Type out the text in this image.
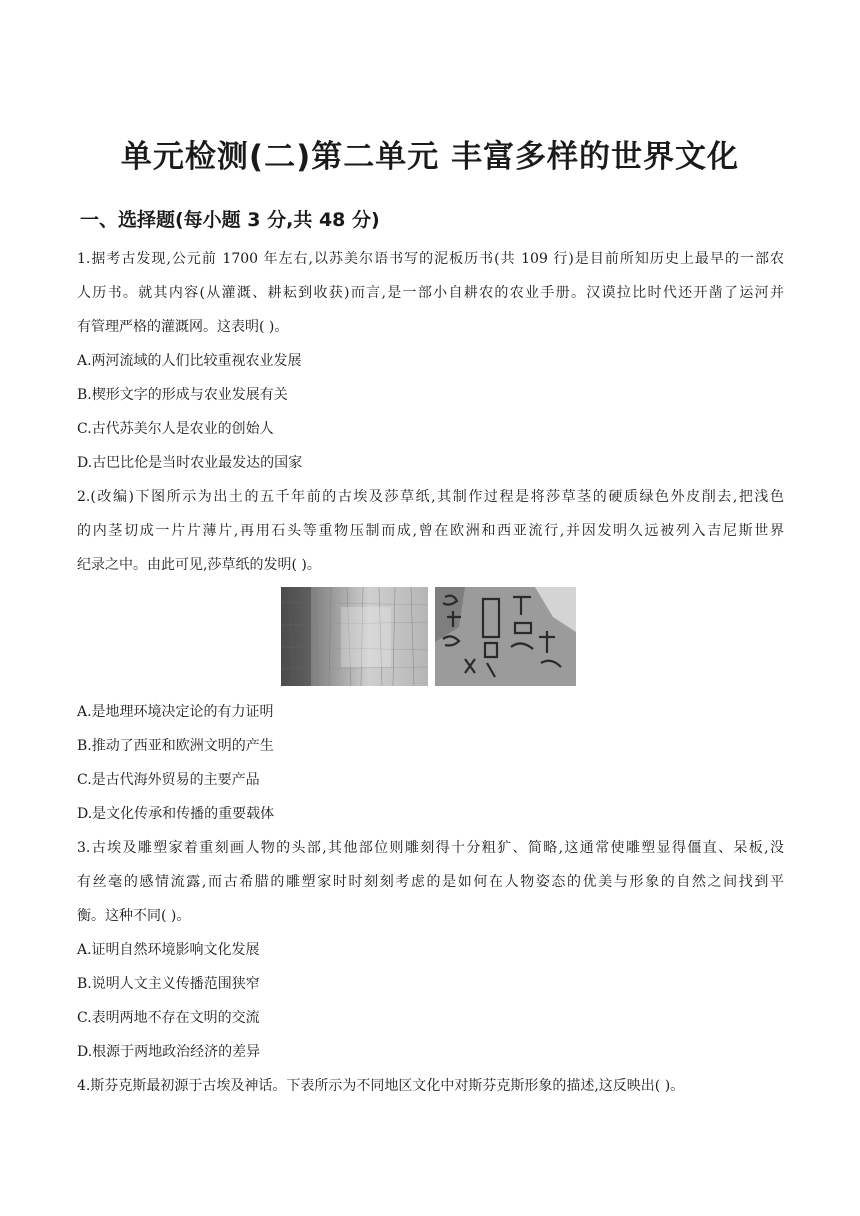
单元检测(二)第二单元 丰富多样的世界文化
一、选择题(每小题 3 分,共 48 分)
1.据考古发现,公元前 1700 年左右,以苏美尔语书写的泥板历书(共 109 行)是目前所知历史上最早的一部农
人历书。就其内容(从灌溉、耕耘到收获)而言,是一部小自耕农的农业手册。汉谟拉比时代还开凿了运河并
有管理严格的灌溉网。这表明( )。
A.两河流域的人们比较重视农业发展
B.楔形文字的形成与农业发展有关
C.古代苏美尔人是农业的创始人
D.古巴比伦是当时农业最发达的国家
2.(改编)下图所示为出土的五千年前的古埃及莎草纸,其制作过程是将莎草茎的硬质绿色外皮削去,把浅色
的内茎切成一片片薄片,再用石头等重物压制而成,曾在欧洲和西亚流行,并因发明久远被列入吉尼斯世界
纪录之中。由此可见,莎草纸的发明( )。
A.是地理环境决定论的有力证明
B.推动了西亚和欧洲文明的产生
C.是古代海外贸易的主要产品
D.是文化传承和传播的重要载体
3.古埃及雕塑家着重刻画人物的头部,其他部位则雕刻得十分粗犷、简略,这通常使雕塑显得僵直、呆板,没
有丝毫的感情流露,而古希腊的雕塑家时时刻刻考虑的是如何在人物姿态的优美与形象的自然之间找到平
衡。这种不同( )。
A.证明自然环境影响文化发展
B.说明人文主义传播范围狭窄
C.表明两地不存在文明的交流
D.根源于两地政治经济的差异
4.斯芬克斯最初源于古埃及神话。下表所示为不同地区文化中对斯芬克斯形象的描述,这反映出( )。
